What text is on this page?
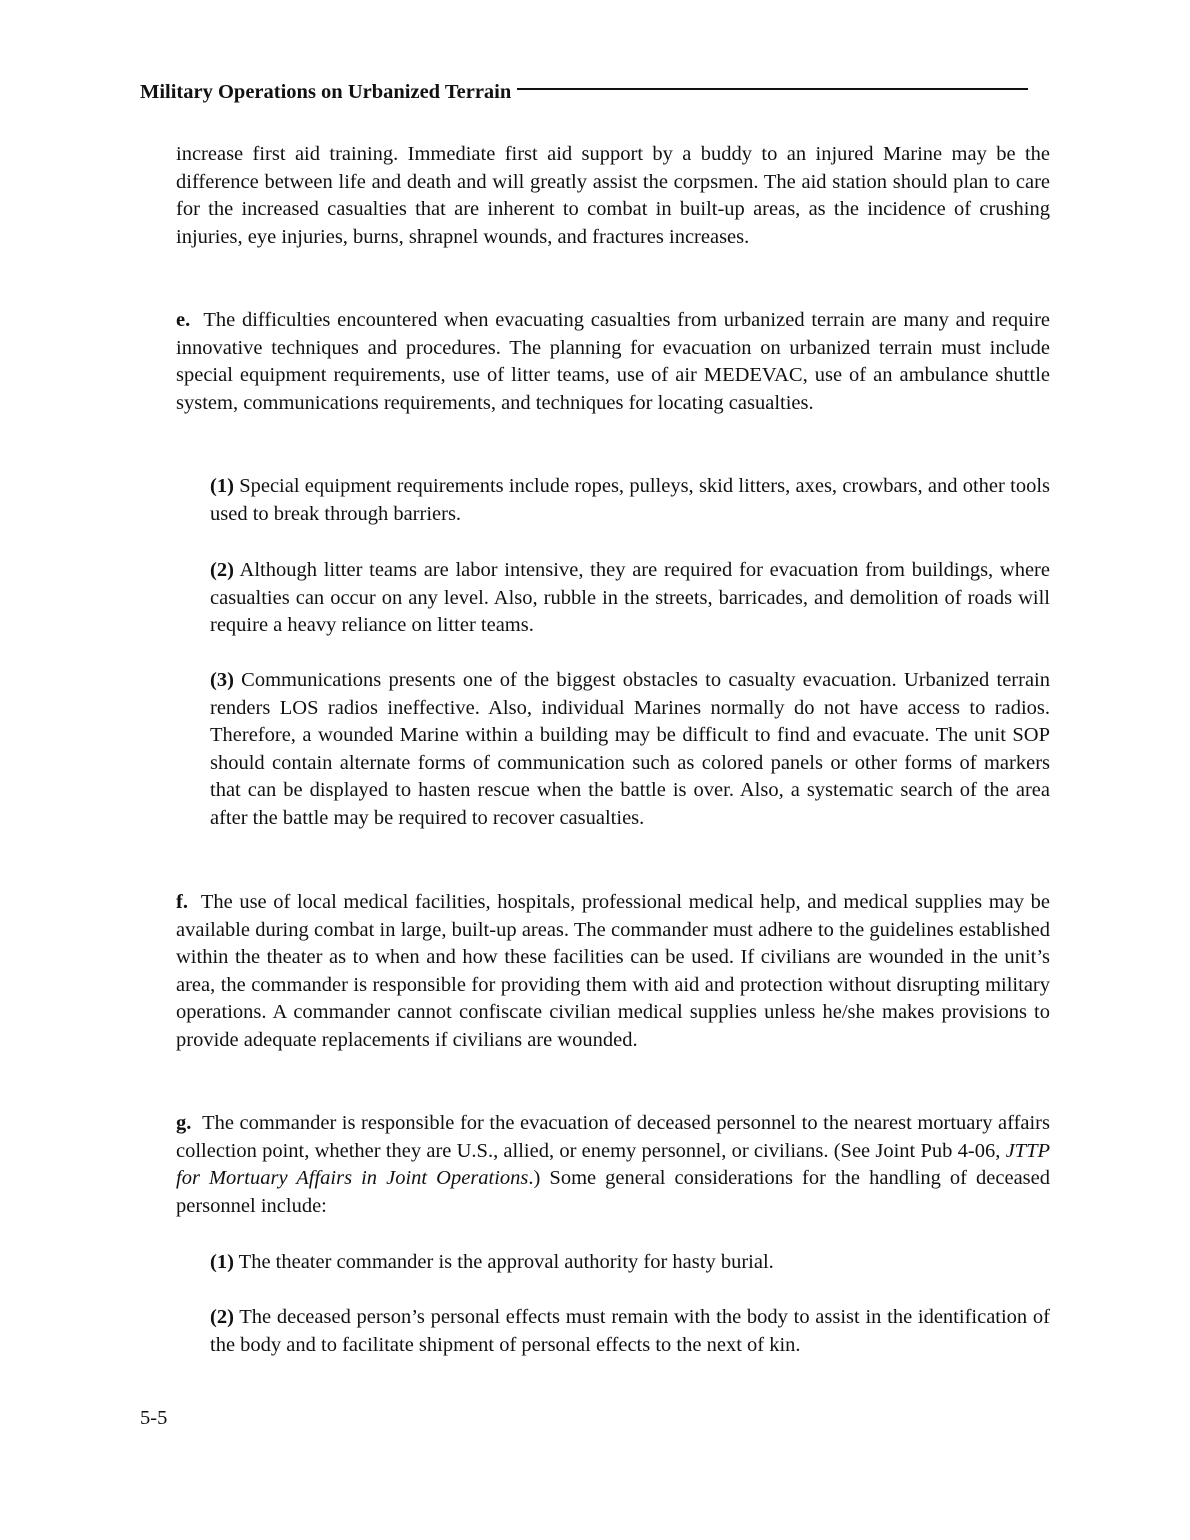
Military Operations on Urbanized Terrain

increase first aid training. Immediate first aid support by a buddy to an injured Marine may be the difference between life and death and will greatly assist the corpsmen. The aid station should plan to care for the increased casualties that are inherent to combat in built-up areas, as the incidence of crushing injuries, eye injuries, burns, shrapnel wounds, and fractures increases.

e. The difficulties encountered when evacuating casualties from urbanized terrain are many and require innovative techniques and procedures. The planning for evacuation on urbanized terrain must include special equipment requirements, use of litter teams, use of air MEDEVAC, use of an ambulance shuttle system, communications requirements, and techniques for locating casualties.

(1) Special equipment requirements include ropes, pulleys, skid litters, axes, crowbars, and other tools used to break through barriers.

(2) Although litter teams are labor intensive, they are required for evacuation from buildings, where casualties can occur on any level. Also, rubble in the streets, barricades, and demolition of roads will require a heavy reliance on litter teams.

(3) Communications presents one of the biggest obstacles to casualty evacuation. Urbanized terrain renders LOS radios ineffective. Also, individual Marines normally do not have access to radios. Therefore, a wounded Marine within a building may be difficult to find and evacuate. The unit SOP should contain alternate forms of communication such as colored panels or other forms of markers that can be displayed to hasten rescue when the battle is over. Also, a systematic search of the area after the battle may be required to recover casualties.

f. The use of local medical facilities, hospitals, professional medical help, and medical supplies may be available during combat in large, built-up areas. The commander must adhere to the guidelines established within the theater as to when and how these facilities can be used. If civilians are wounded in the unit’s area, the commander is responsible for providing them with aid and protection without disrupting military operations. A commander cannot confiscate civilian medical supplies unless he/she makes provisions to provide adequate replacements if civilians are wounded.

g. The commander is responsible for the evacuation of deceased personnel to the nearest mortuary affairs collection point, whether they are U.S., allied, or enemy personnel, or civilians. (See Joint Pub 4-06, JTTP for Mortuary Affairs in Joint Operations.) Some general considerations for the handling of deceased personnel include:

(1) The theater commander is the approval authority for hasty burial.

(2) The deceased person’s personal effects must remain with the body to assist in the identification of the body and to facilitate shipment of personal effects to the next of kin.

5-5
